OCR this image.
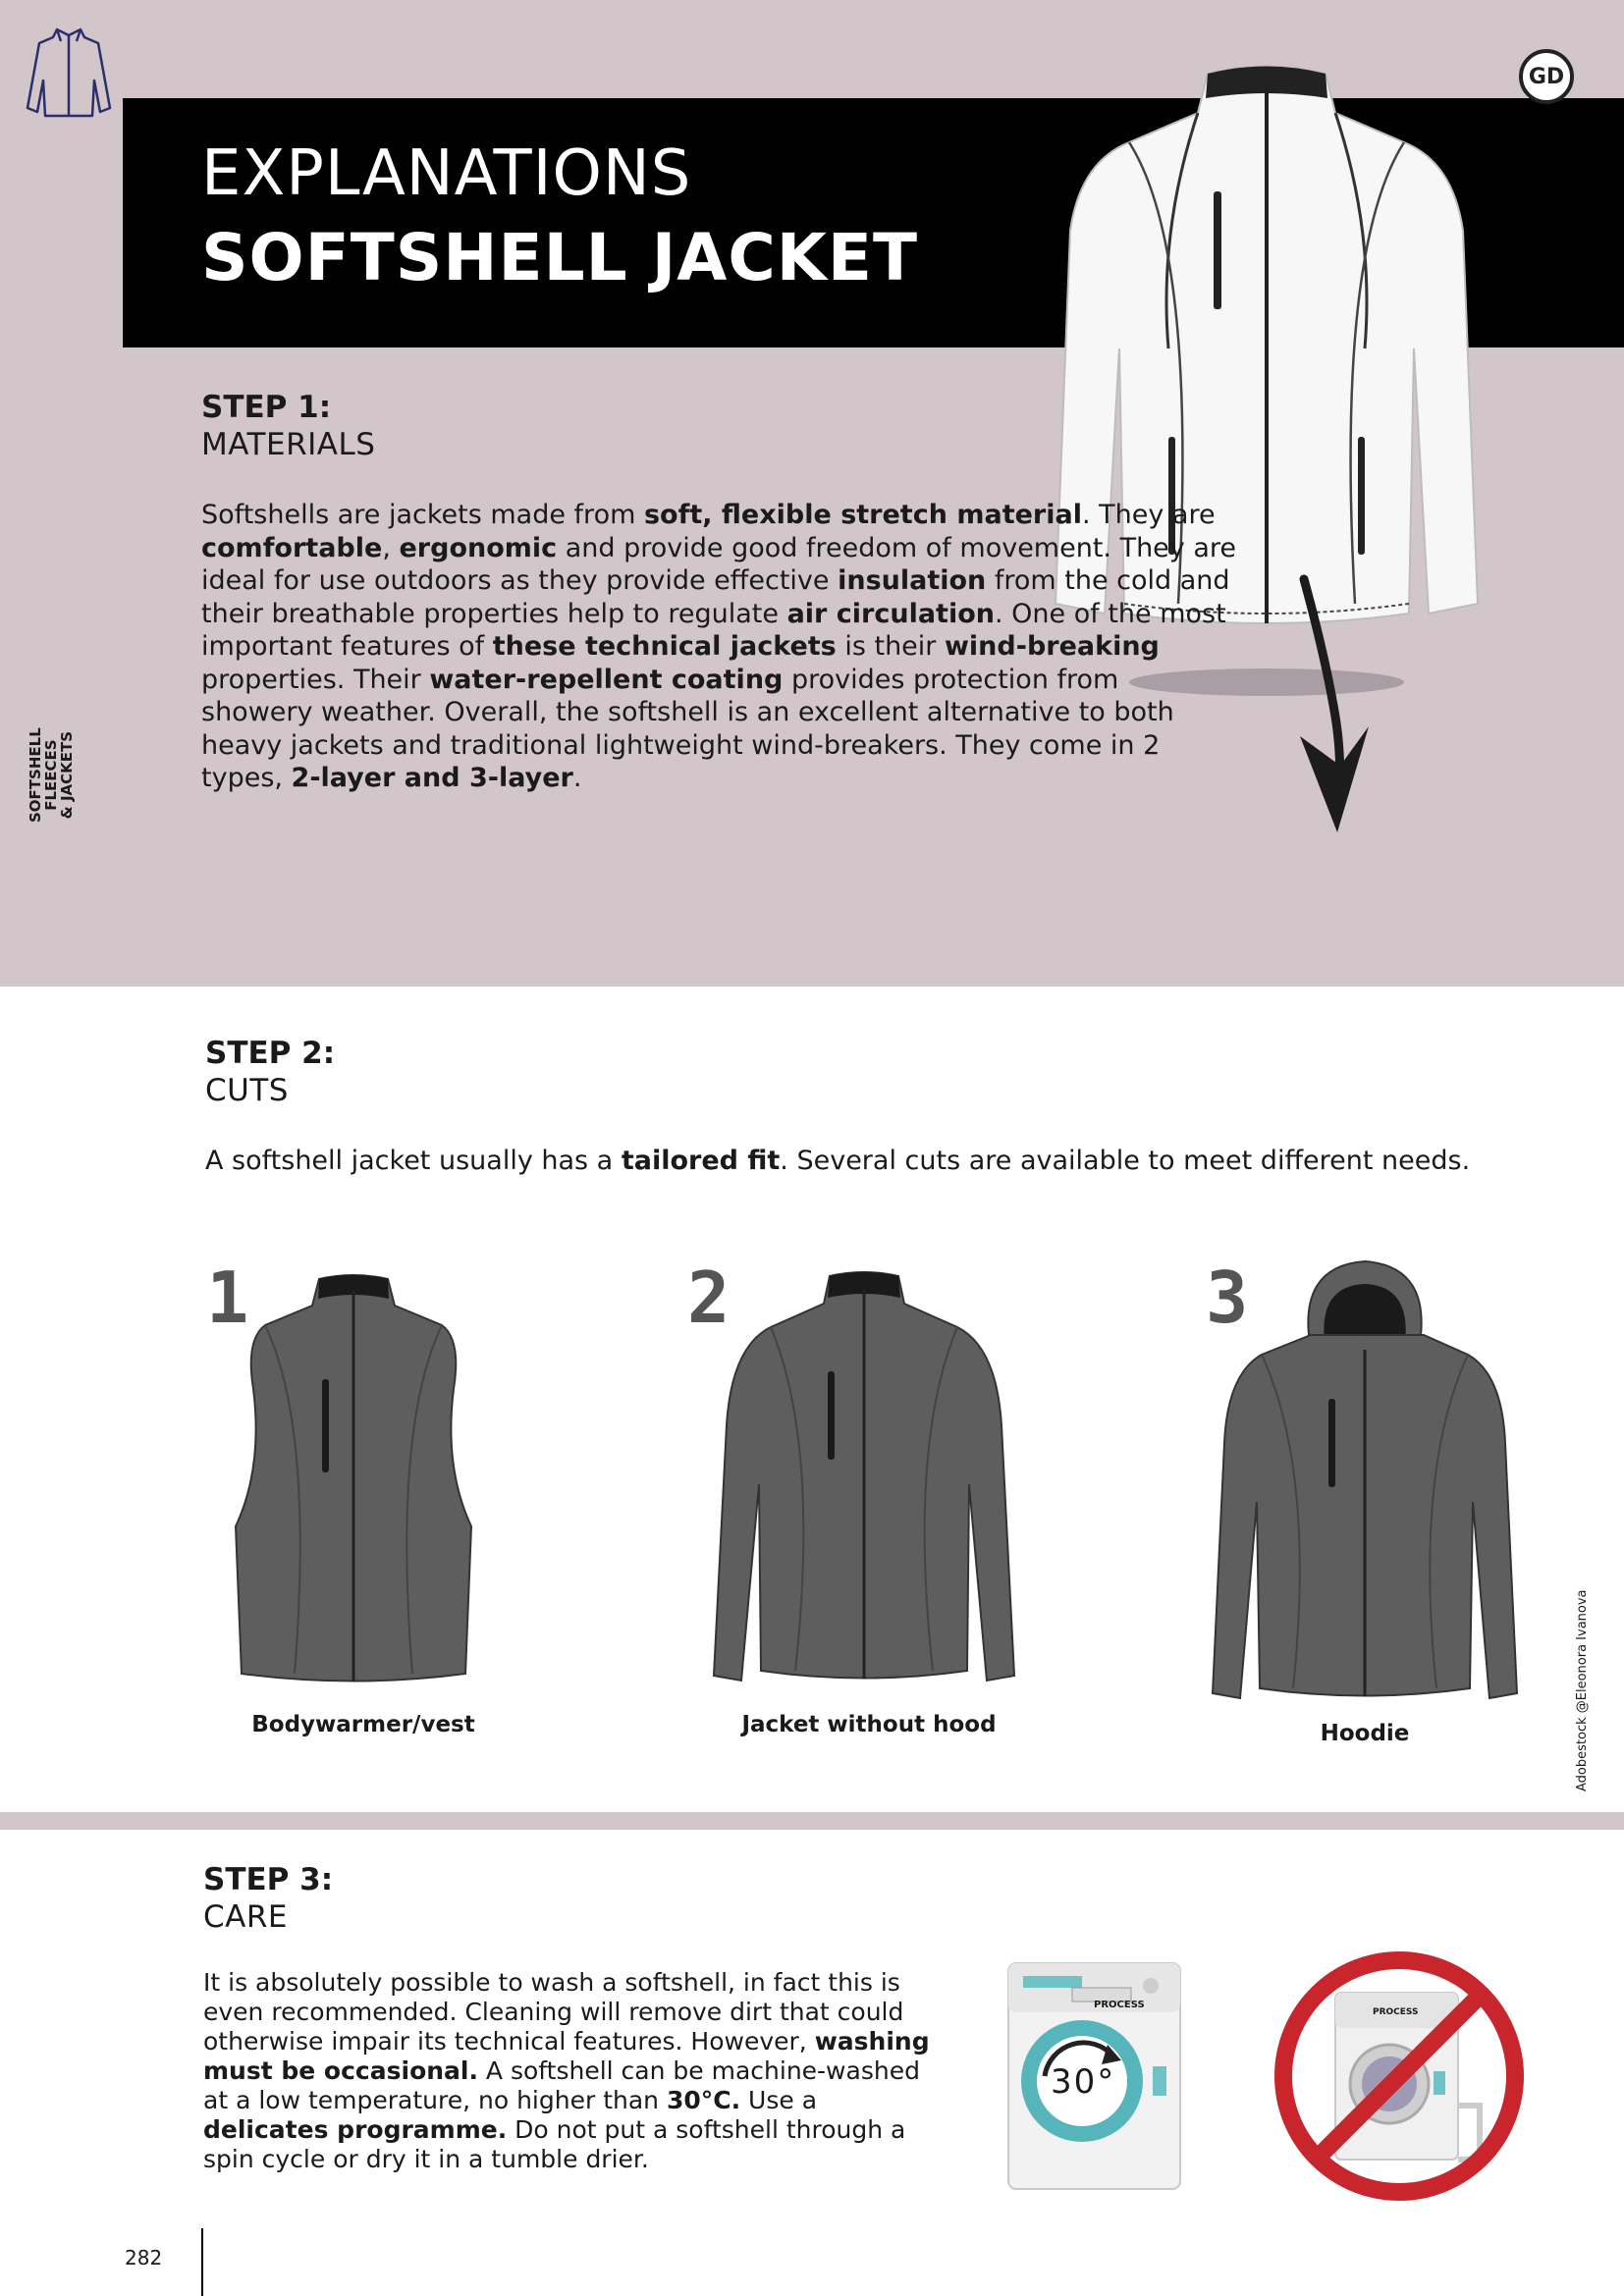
EXPLANATIONS
SOFTSHELL JACKET
GD
SOFTSHELL
FLEECES
& JACKETS
STEP 1:
MATERIALS

Softshells are jackets made from soft, flexible stretch material. They are comfortable, ergonomic and provide good freedom of movement. They are ideal for use outdoors as they provide effective insulation from the cold and their breathable properties help to regulate air circulation. One of the most important features of these technical jackets is their wind-breaking properties. Their water-repellent coating provides protection from showery weather. Overall, the softshell is an excellent alternative to both heavy jackets and traditional lightweight wind-breakers. They come in 2 types, 2-layer and 3-layer.

STEP 2:
CUTS

A softshell jacket usually has a tailored fit. Several cuts are available to meet different needs.

1	2	3
Bodywarmer/vest	Jacket without hood	Hoodie	Adobestock @Eleonora Ivanova
STEP 3:
CARE

It is absolutely possible to wash a softshell, in fact this is even recommended. Cleaning will remove dirt that could otherwise impair its technical features. However, washing must be occasional. A softshell can be machine-washed at a low temperature, no higher than 30°C. Use a delicates programme. Do not put a softshell through a spin cycle or dry it in a tumble drier.

PROCESS
30°
PROCESS
282
